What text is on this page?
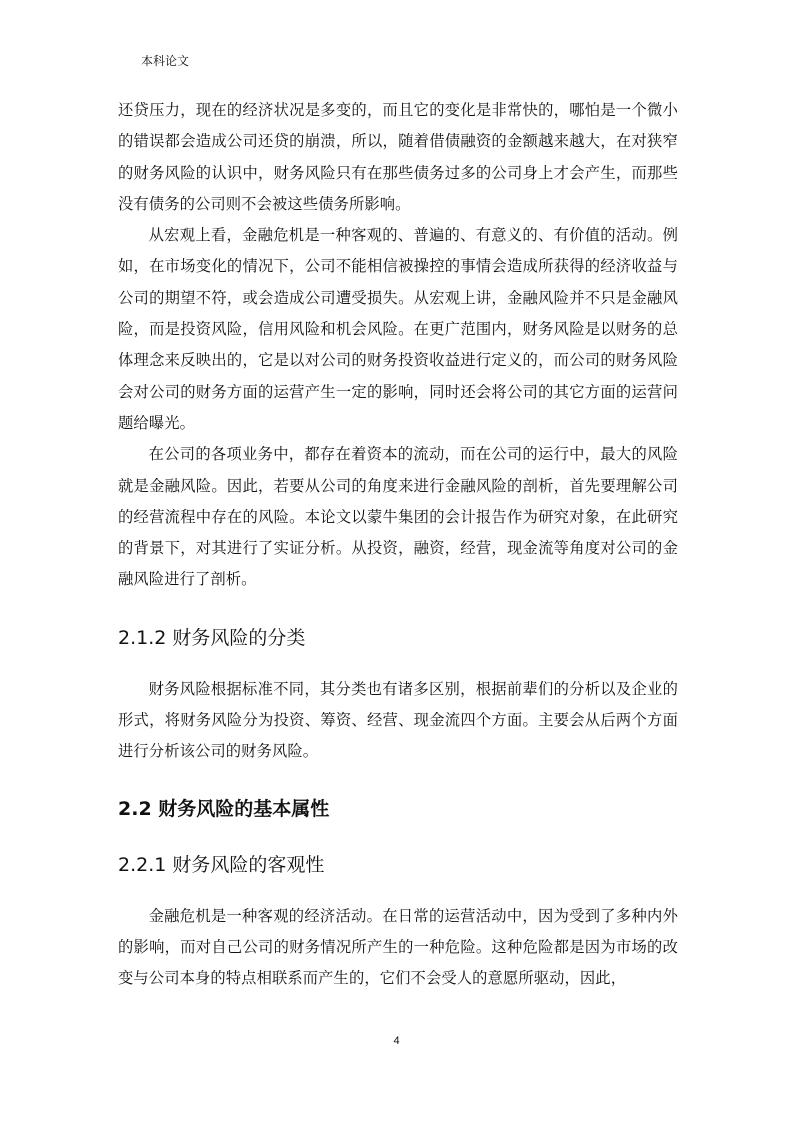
本科论文

还贷压力，现在的经济状况是多变的，而且它的变化是非常快的，哪怕是一个微小的错误都会造成公司还贷的崩溃，所以，随着借债融资的金额越来越大，在对狭窄的财务风险的认识中，财务风险只有在那些债务过多的公司身上才会产生，而那些没有债务的公司则不会被这些债务所影响。

从宏观上看，金融危机是一种客观的、普遍的、有意义的、有价值的活动。例如，在市场变化的情况下，公司不能相信被操控的事情会造成所获得的经济收益与公司的期望不符，或会造成公司遭受损失。从宏观上讲，金融风险并不只是金融风险，而是投资风险，信用风险和机会风险。在更广范围内，财务风险是以财务的总体理念来反映出的，它是以对公司的财务投资收益进行定义的，而公司的财务风险会对公司的财务方面的运营产生一定的影响，同时还会将公司的其它方面的运营问题给曝光。

在公司的各项业务中，都存在着资本的流动，而在公司的运行中，最大的风险就是金融风险。因此，若要从公司的角度来进行金融风险的剖析，首先要理解公司的经营流程中存在的风险。本论文以蒙牛集团的会计报告作为研究对象，在此研究的背景下，对其进行了实证分析。从投资，融资，经营，现金流等角度对公司的金融风险进行了剖析。

2.1.2 财务风险的分类

财务风险根据标准不同，其分类也有诸多区别，根据前辈们的分析以及企业的形式，将财务风险分为投资、筹资、经营、现金流四个方面。主要会从后两个方面进行分析该公司的财务风险。

2.2 财务风险的基本属性
2.2.1 财务风险的客观性

金融危机是一种客观的经济活动。在日常的运营活动中，因为受到了多种内外的影响，而对自己公司的财务情况所产生的一种危险。这种危险都是因为市场的改变与公司本身的特点相联系而产生的，它们不会受人的意愿所驱动，因此，

4
